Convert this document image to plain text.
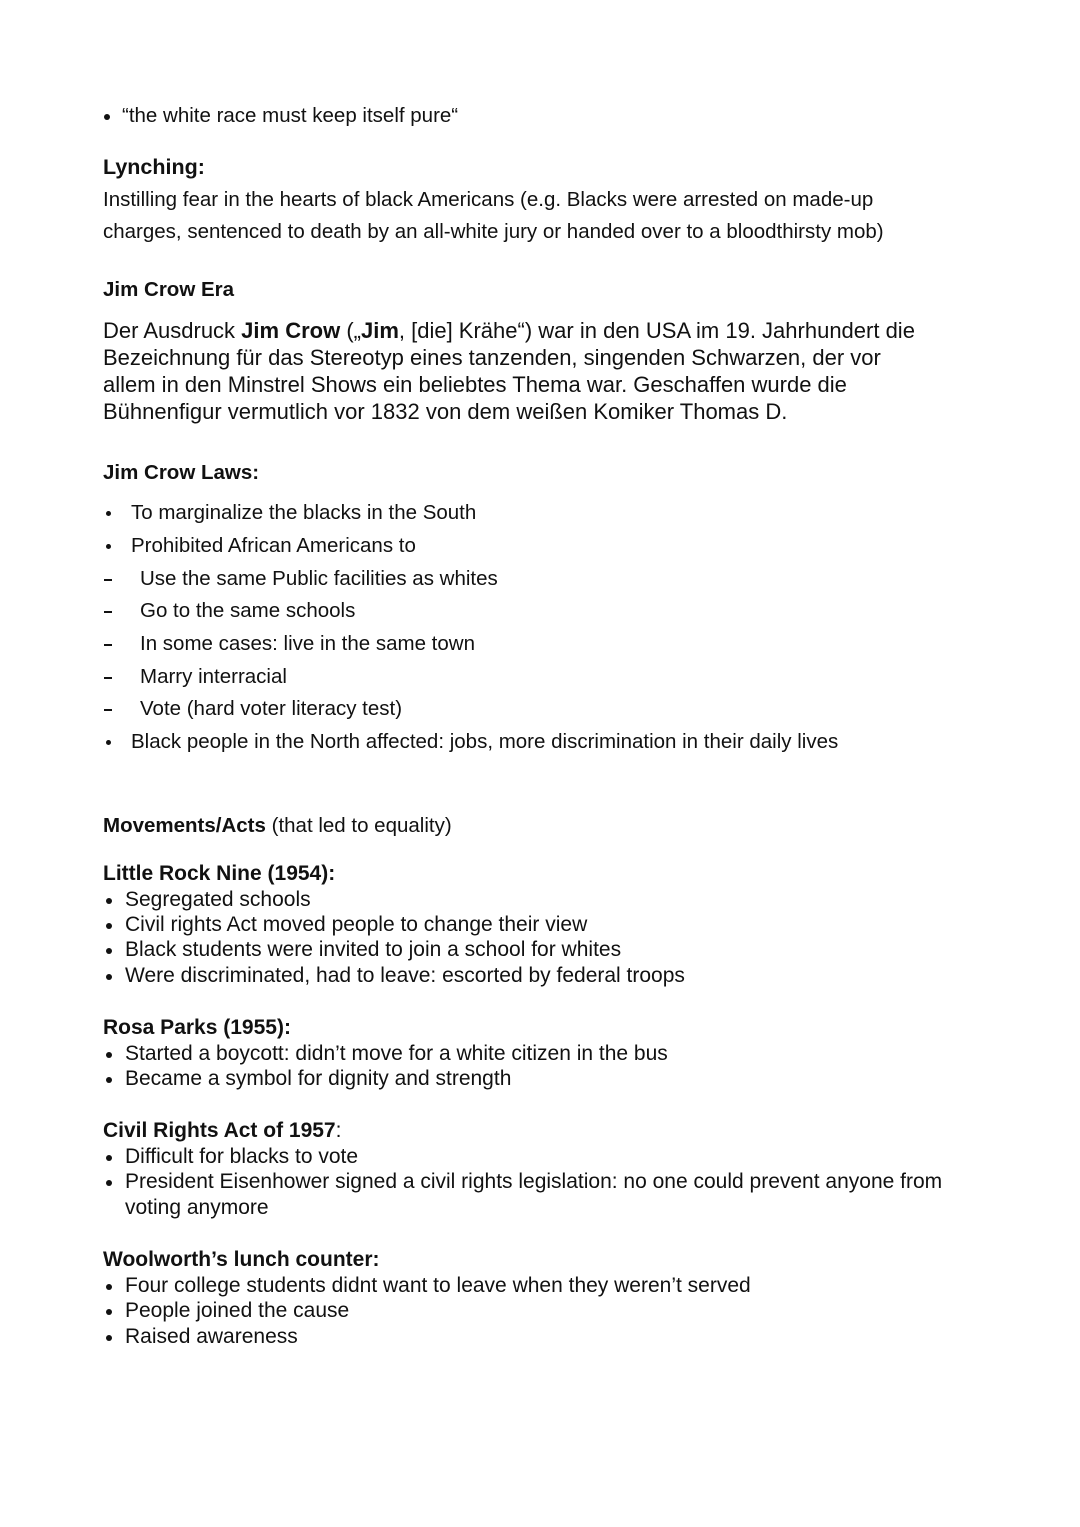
“the white race must keep itself pure“
Lynching:
Instilling fear in the hearts of black Americans (e.g. Blacks were arrested on made-up
charges, sentenced to death by an all-white jury or handed over to a bloodthirsty mob)
Jim Crow Era
Der Ausdruck Jim Crow („Jim, [die] Krähe“) war in den USA im 19. Jahrhundert die
Bezeichnung für das Stereotyp eines tanzenden, singenden Schwarzen, der vor
allem in den Minstrel Shows ein beliebtes Thema war. Geschaffen wurde die
Bühnenfigur vermutlich vor 1832 von dem weißen Komiker Thomas D.
Jim Crow Laws:
To marginalize the blacks in the South
Prohibited African Americans to
Use the same Public facilities as whites
Go to the same schools
In some cases: live in the same town
Marry interracial
Vote (hard voter literacy test)
Black people in the North affected: jobs, more discrimination in their daily lives
Movements/Acts (that led to equality)
Little Rock Nine (1954):
Segregated schools
Civil rights Act moved people to change their view
Black students were invited to join a school for whites
Were discriminated, had to leave: escorted by federal troops
Rosa Parks (1955):
Started a boycott: didn’t move for a white citizen in the bus
Became a symbol for dignity and strength
Civil Rights Act of 1957:
Difficult for blacks to vote
President Eisenhower signed a civil rights legislation: no one could prevent anyone from
voting anymore
Woolworth’s lunch counter:
Four college students didnt want to leave when they weren’t served
People joined the cause
Raised awareness
